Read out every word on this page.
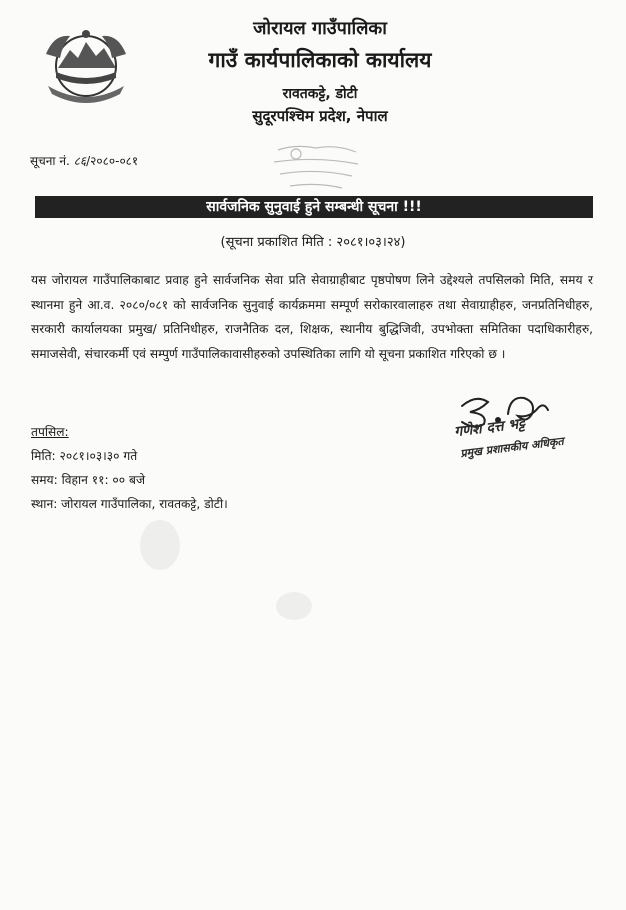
जोरायल गाउँपालिका
गाउँ कार्यपालिकाको कार्यालय
रावतकट्टे, डोटी
सुदूरपश्चिम प्रदेश, नेपाल
सूचना नं. ८६/२०८०-०८१
सार्वजनिक सुनुवाई हुने सम्बन्धी सूचना !!!
(सूचना प्रकाशित मिति : २०८१।०३।२४)
यस जोरायल गाउँपालिकाबाट प्रवाह हुने सार्वजनिक सेवा प्रति सेवाग्राहीबाट पृष्ठपोषण लिने उद्देश्यले तपसिलको मिति, समय र स्थानमा हुने आ.व. २०८०/०८१ को सार्वजनिक सुनुवाई कार्यक्रममा सम्पूर्ण सरोकारवालाहरु तथा सेवाग्राहीहरु, जनप्रतिनिधीहरु, सरकारी कार्यालयका प्रमुख/ प्रतिनिधीहरु, राजनैतिक दल, शिक्षक, स्थानीय बुद्धिजिवी, उपभोक्ता समितिका पदाधिकारीहरु, समाजसेवी, संचारकर्मी एवं सम्पुर्ण गाउँपालिकावासीहरुको उपस्थितिका लागि यो सूचना प्रकाशित गरिएको छ ।
तपसिल:
मिति: २०८१।०३।३० गते
समय: विहान ११: ०० बजे
स्थान: जोरायल गाउँपालिका, रावतकट्टे, डोटी।
गणेश दत्त भट्ट
प्रमुख प्रशासकीय अधिकृत
